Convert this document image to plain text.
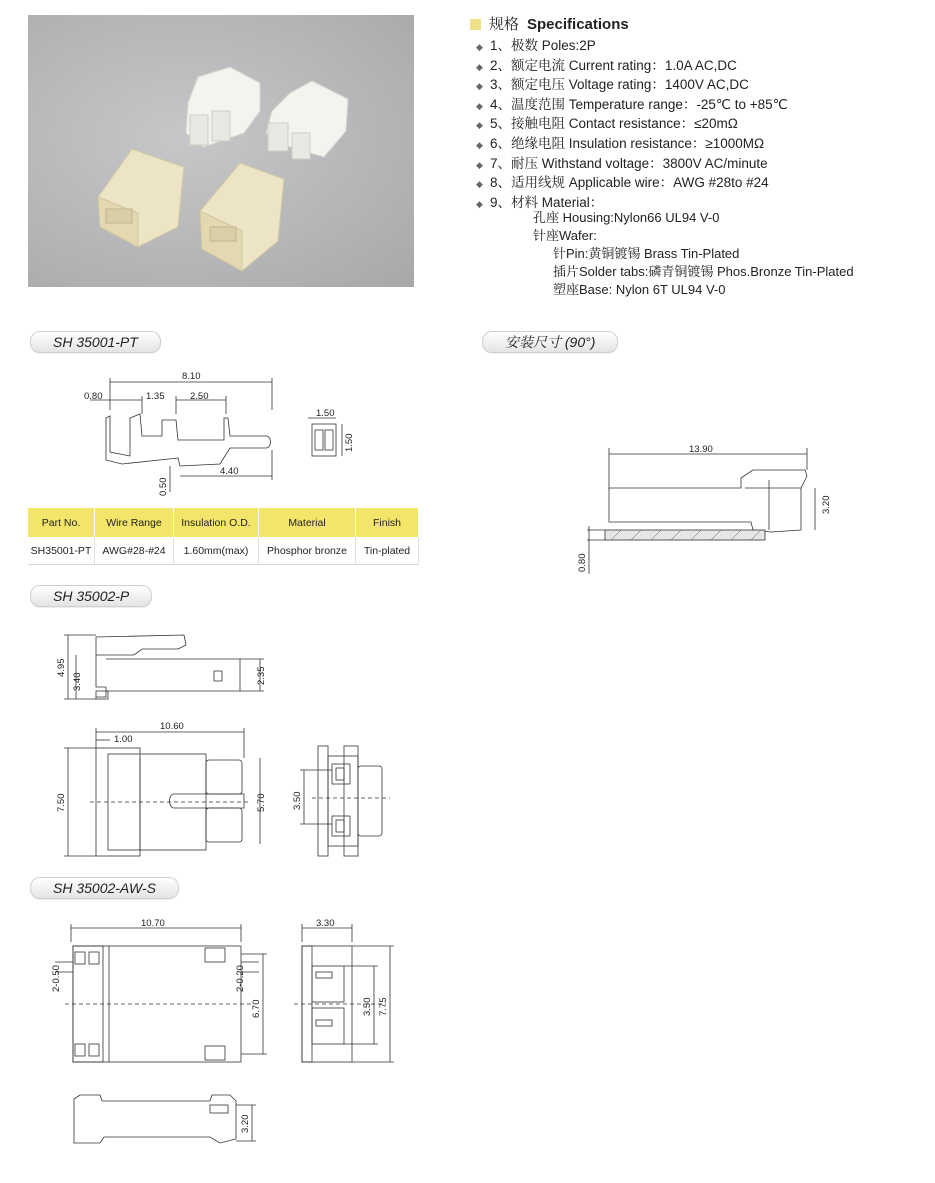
规格 Specifications
◆ 1、极数 Poles:2P
◆ 2、额定电流 Current rating：1.0A AC,DC
◆ 3、额定电压 Voltage rating：1400V AC,DC
◆ 4、温度范围 Temperature range：-25℃ to +85℃
◆ 5、接触电阻 Contact resistance：≤20mΩ
◆ 6、绝缘电阻 Insulation resistance：≥1000MΩ
◆ 7、耐压 Withstand voltage：3800V AC/minute
◆ 8、适用线规 Applicable wire：AWG #28to #24
◆ 9、材料 Material：
孔座 Housing:Nylon66 UL94 V-0
针座Wafer:
针Pin:黄铜镀锡 Brass Tin-Plated
插片Solder tabs:磷青铜镀锡 Phos.Bronze Tin-Plated
塑座Base: Nylon 6T UL94 V-0
SH 35001-PT	安装尺寸 (90°)
SH 35002-P
SH 35002-AW-S
8.10
0.80	1.35	2.50
4.40
0.50
1.50
1.50
Part No.	Wire Range	Insulation O.D.	Material	Finish
SH35001-PT	AWG#28-#24	1.60mm(max)	Phosphor bronze	Tin-plated
13.90
3.20
0.80
4.95
3.40	2.35
10.60
1.00
7.50	5.70	3.50
10.70
2-0.50	2-0.20
6.70
3.30
3.50 7.75
3.20
